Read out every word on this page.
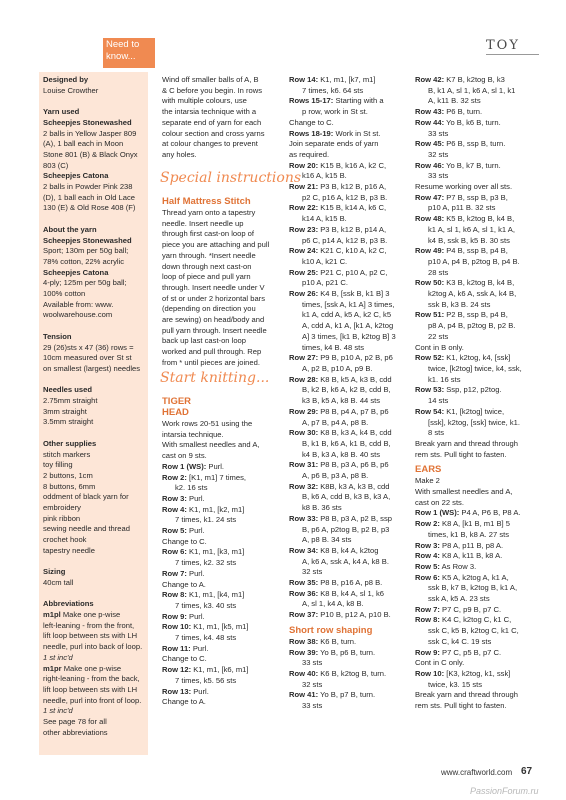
Need to
know...
TOY

Designed by

Louise Crowther

Yarn used

Scheepjes Stonewashed

2 balls in Yellow Jasper 809

(A), 1 ball each in Moon

Stone 801 (B) & Black Onyx

803 (C)

Scheepjes Catona

2 balls in Powder Pink 238

(D), 1 ball each in Old Lace

130 (E) & Old Rose 408 (F)

About the yarn

Scheepjes Stonewashed

Sport; 130m per 50g ball;

78% cotton, 22% acrylic

Scheepjes Catona

4-ply; 125m per 50g ball;

100% cotton

Available from: www.

woolwarehouse.com

Tension

29 (26)sts x 47 (36) rows =

10cm measured over St st

on smallest (largest) needles

Needles used

2.75mm straight

3mm straight

3.5mm straight

Other supplies

stitch markers

toy filling

2 buttons, 1cm

8 buttons, 6mm

oddment of black yarn for

embroidery

pink ribbon

sewing needle and thread

crochet hook

tapestry needle

Sizing

40cm tall

Abbreviations

m1pl Make one p-wise

left-leaning - from the front,

lift loop between sts with LH

needle, purl into back of loop.

1 st inc'd

m1pr Make one p-wise

right-leaning - from the back,

lift loop between sts with LH

needle, purl into front of loop.

1 st inc'd

See page 78 for all

other abbreviations

Wind off smaller balls of A, B

& C before you begin. In rows

with multiple colours, use

the intarsia technique with a

separate end of yarn for each

colour section and cross yarns

at colour changes to prevent

any holes.

Special instructions

Half Mattress Stitch

Thread yarn onto a tapestry

needle. Insert needle up

through first cast-on loop of

piece you are attaching and pull

yarn through. *Insert needle

down through next cast-on

loop of piece and pull yarn

through. Insert needle under V

of st or under 2 horizontal bars

(depending on direction you

are sewing) on head/body and

pull yarn through. Insert needle

back up last cast-on loop

worked and pull through. Rep

from * until pieces are joined.

Start knitting...

TIGER

HEAD

Work rows 20-51 using the

intarsia technique.

With smallest needles and A,

cast on 9 sts.

Row 1 (WS): Purl.

Row 2: [K1, m1] 7 times,

k2. 16 sts

Row 3: Purl.

Row 4: K1, m1, [k2, m1]

7 times, k1. 24 sts

Row 5: Purl.

Change to C.

Row 6: K1, m1, [k3, m1]

7 times, k2. 32 sts

Row 7: Purl.

Change to A.

Row 8: K1, m1, [k4, m1]

7 times, k3. 40 sts

Row 9: Purl.

Row 10: K1, m1, [k5, m1]

7 times, k4. 48 sts

Row 11: Purl.

Change to C.

Row 12: K1, m1, [k6, m1]

7 times, k5. 56 sts

Row 13: Purl.

Change to A.

Row 14: K1, m1, [k7, m1]

7 times, k6. 64 sts

Rows 15-17: Starting with a

p row, work in St st.

Change to C.

Rows 18-19: Work in St st.

Join separate ends of yarn

as required.

Row 20: K15 B, k16 A, k2 C,

k16 A, k15 B.

Row 21: P3 B, k12 B, p16 A,

p2 C, p16 A, k12 B, p3 B.

Row 22: K15 B, k14 A, k6 C,

k14 A, k15 B.

Row 23: P3 B, k12 B, p14 A,

p6 C, p14 A, k12 B, p3 B.

Row 24: K21 C, k10 A, k2 C,

k10 A, k21 C.

Row 25: P21 C, p10 A, p2 C,

p10 A, p21 C.

Row 26: K4 B, [ssk B, k1 B] 3

times, [ssk A, k1 A] 3 times,

k1 A, cdd A, k5 A, k2 C, k5

A, cdd A, k1 A, [k1 A, k2tog

A] 3 times, [k1 B, k2tog B] 3

times, k4 B. 48 sts

Row 27: P9 B, p10 A, p2 B, p6

A, p2 B, p10 A, p9 B.

Row 28: K8 B, k5 A, k3 B, cdd

B, k2 B, k6 A, k2 B, cdd B,

k3 B, k5 A, k8 B. 44 sts

Row 29: P8 B, p4 A, p7 B, p6

A, p7 B, p4 A, p8 B.

Row 30: K8 B, k3 A, k4 B, cdd

B, k1 B, k6 A, k1 B, cdd B,

k4 B, k3 A, k8 B. 40 sts

Row 31: P8 B, p3 A, p6 B, p6

A, p6 B, p3 A, p8 B.

Row 32: K8B, k3 A, k3 B, cdd

B, k6 A, cdd B, k3 B, k3 A,

k8 B. 36 sts

Row 33: P8 B, p3 A, p2 B, ssp

B, p6 A, p2tog B, p2 B, p3

A, p8 B. 34 sts

Row 34: K8 B, k4 A, k2tog

A, k6 A, ssk A, k4 A, k8 B.

32 sts

Row 35: P8 B, p16 A, p8 B.

Row 36: K8 B, k4 A, sl 1, k6

A, sl 1, k4 A, k8 B.

Row 37: P10 B, p12 A, p10 B.

Short row shaping

Row 38: K6 B, turn.

Row 39: Yo B, p6 B, turn.

33 sts

Row 40: K6 B, k2tog B, turn.

32 sts

Row 41: Yo B, p7 B, turn.

33 sts

Row 42: K7 B, k2tog B, k3

B, k1 A, sl 1, k6 A, sl 1, k1

A, k11 B. 32 sts

Row 43: P6 B, turn.

Row 44: Yo B, k6 B, turn.

33 sts

Row 45: P6 B, ssp B, turn.

32 sts

Row 46: Yo B, k7 B, turn.

33 sts

Resume working over all sts.

Row 47: P7 B, ssp B, p3 B,

p10 A, p11 B. 32 sts

Row 48: K5 B, k2tog B, k4 B,

k1 A, sl 1, k6 A, sl 1, k1 A,

k4 B, ssk B, k5 B. 30 sts

Row 49: P4 B, ssp B, p4 B,

p10 A, p4 B, p2tog B, p4 B.

28 sts

Row 50: K3 B, k2tog B, k4 B,

k2tog A, k6 A, ssk A, k4 B,

ssk B, k3 B. 24 sts

Row 51: P2 B, ssp B, p4 B,

p8 A, p4 B, p2tog B, p2 B.

22 sts

Cont in B only.

Row 52: K1, k2tog, k4, [ssk]

twice, [k2tog] twice, k4, ssk,

k1. 16 sts

Row 53: Ssp, p12, p2tog.

14 sts

Row 54: K1, [k2tog] twice,

[ssk], k2tog, [ssk] twice, k1.

8 sts

Break yarn and thread through

rem sts. Pull tight to fasten.

EARS

Make 2

With smallest needles and A,

cast on 22 sts.

Row 1 (WS): P4 A, P6 B, P8 A.

Row 2: K8 A, [k1 B, m1 B] 5

times, k1 B, k8 A. 27 sts

Row 3: P8 A, p11 B, p8 A.

Row 4: K8 A, k11 B, k8 A.

Row 5: As Row 3.

Row 6: K5 A, k2tog A, k1 A,

ssk B, k7 B, k2tog B, k1 A,

ssk A, k5 A. 23 sts

Row 7: P7 C, p9 B, p7 C.

Row 8: K4 C, k2tog C, k1 C,

ssk C, k5 B, k2tog C, k1 C,

ssk C, k4 C. 19 sts

Row 9: P7 C, p5 B, p7 C.

Cont in C only.

Row 10: [K3, k2tog, k1, ssk]

twice, k3. 15 sts

Break yarn and thread through

rem sts. Pull tight to fasten.

www.craftworld.com 67
PassionForum.ru
